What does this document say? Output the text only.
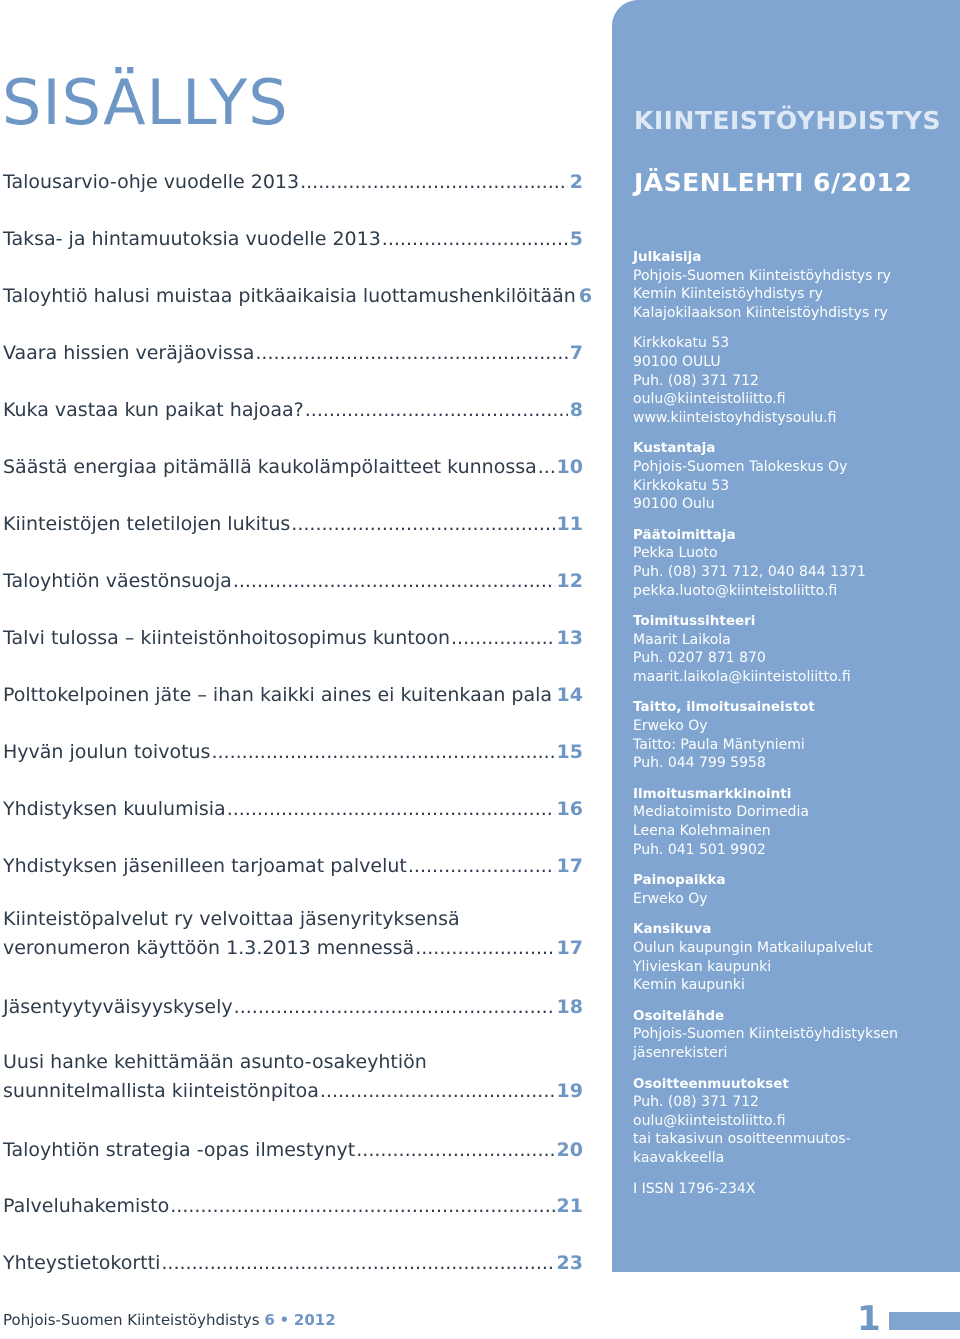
SISÄLLYS
Talousarvio-ohje vuodelle 2013 .....	2
Taksa- ja hintamuutoksia vuodelle 2013 .....	5
Taloyhtiö halusi muistaa pitkäaikaisia luottamushenkilöitään 6
Vaara hissien veräjäovissa .....	7
Kuka vastaa kun paikat hajoaa? .....	8
Säästä energiaa pitämällä kaukolämpölaitteet kunnossa ..... 10
Kiinteistöjen teletilojen lukitus .....	11
Taloyhtiön väestönsuoja .....	12
Talvi tulossa – kiinteistönhoitosopimus kuntoon .....	13
Polttokelpoinen jäte – ihan kaikki aines ei kuitenkaan pala ..... 14
Hyvän joulun toivotus .....	15
Yhdistyksen kuulumisia .....	16
Yhdistyksen jäsenilleen tarjoamat palvelut .....	17
Kiinteistöpalvelut ry velvoittaa jäsenyrityksensä
veronumeron käyttöön 1.3.2013 mennessä .....	17
Jäsentyytyväisyyskysely .....	18
Uusi hanke kehittämään asunto-osakeyhtiön
suunnitelmallista kiinteistönpitoa .....	19
Taloyhtiön strategia -opas ilmestynyt .....	20
Palveluhakemisto .....	21
Yhteystietokortti .....	23
KIINTEISTÖYHDISTYS
JÄSENLEHTI 6/2012
Julkaisija
Pohjois-Suomen Kiinteistöyhdistys ry
Kemin Kiinteistöyhdistys ry
Kalajokilaakson Kiinteistöyhdistys ry
Kirkkokatu 53
90100 OULU
Puh. (08) 371 712
oulu@kiinteistoliitto.fi
www.kiinteistoyhdistysoulu.fi
Kustantaja
Pohjois-Suomen Talokeskus Oy
Kirkkokatu 53
90100 Oulu
Päätoimittaja
Pekka Luoto
Puh. (08) 371 712, 040 844 1371
pekka.luoto@kiinteistoliitto.fi
Toimitussihteeri
Maarit Laikola
Puh. 0207 871 870
maarit.laikola@kiinteistoliitto.fi
Taitto, ilmoitusaineistot
Erweko Oy
Taitto: Paula Mäntyniemi
Puh. 044 799 5958
Ilmoitusmarkkinointi
Mediatoimisto Dorimedia
Leena Kolehmainen
Puh. 041 501 9902
Painopaikka
Erweko Oy
Kansikuva
Oulun kaupungin Matkailupalvelut
Ylivieskan kaupunki
Kemin kaupunki
Osoitelähde
Pohjois-Suomen Kiinteistöyhdistyksen
jäsenrekisteri
Osoitteenmuutokset
Puh. (08) 371 712
oulu@kiinteistoliitto.fi
tai takasivun osoitteenmuutos-
kaavakkeella
I ISSN 1796-234X
Pohjois-Suomen Kiinteistöyhdistys 6 • 2012	1
